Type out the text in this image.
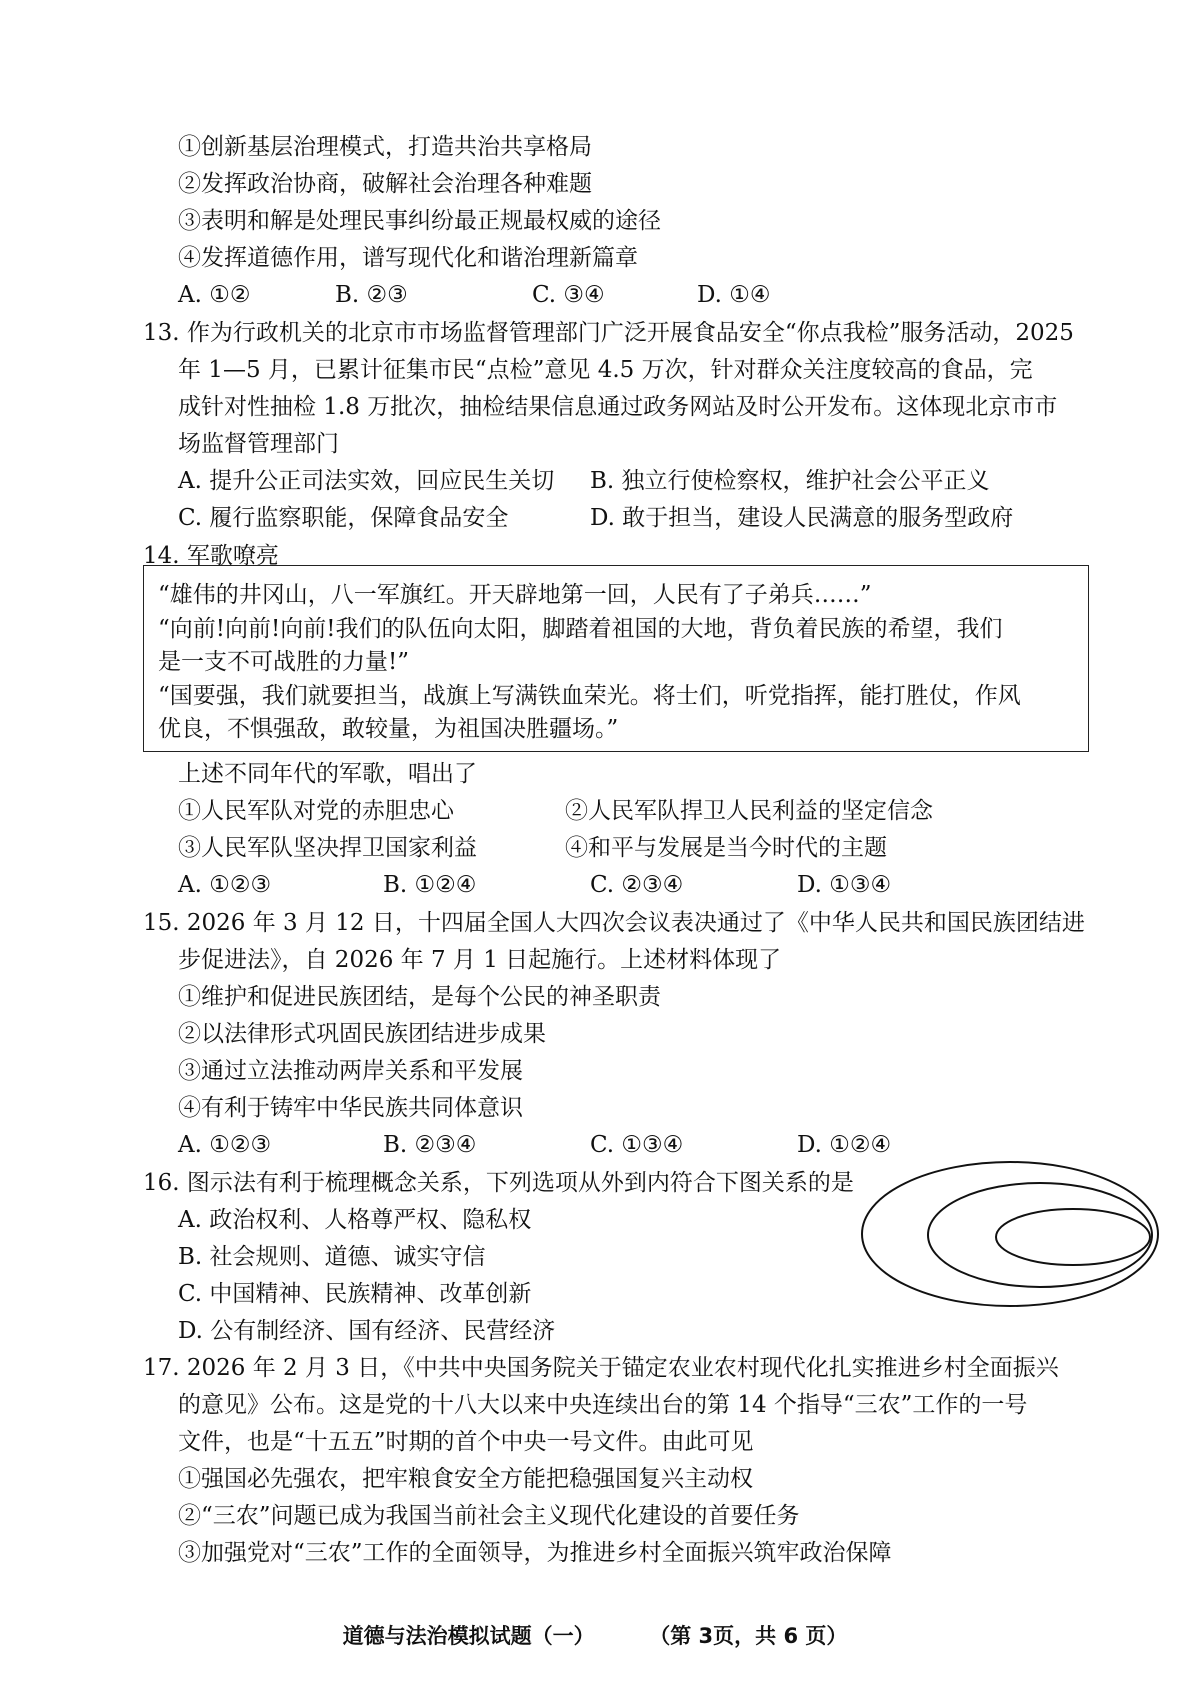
①创新基层治理模式，打造共治共享格局
②发挥政治协商，破解社会治理各种难题
③表明和解是处理民事纠纷最正规最权威的途径
④发挥道德作用，谱写现代化和谐治理新篇章
A. ①②	B. ②③	C. ③④	D. ①④
13. 作为行政机关的北京市市场监督管理部门广泛开展食品安全“你点我检”服务活动，2025
年 1—5 月，已累计征集市民“点检”意见 4.5 万次，针对群众关注度较高的食品，完
成针对性抽检 1.8 万批次，抽检结果信息通过政务网站及时公开发布。这体现北京市市
场监督管理部门
A. 提升公正司法实效，回应民生关切 B. 独立行使检察权，维护社会公平正义
C. 履行监察职能，保障食品安全	D. 敢于担当，建设人民满意的服务型政府
14. 军歌嘹亮
“雄伟的井冈山，八一军旗红。开天辟地第一回，人民有了子弟兵……”
“向前!向前!向前!我们的队伍向太阳，脚踏着祖国的大地，背负着民族的希望，我们
是一支不可战胜的力量!”
“国要强，我们就要担当，战旗上写满铁血荣光。将士们，听党指挥，能打胜仗，作风
优良，不惧强敌，敢较量，为祖国决胜疆场。”
上述不同年代的军歌，唱出了
①人民军队对党的赤胆忠心	②人民军队捍卫人民利益的坚定信念
③人民军队坚决捍卫国家利益	④和平与发展是当今时代的主题
A. ①②③	B. ①②④	C. ②③④	D. ①③④
15. 2026 年 3 月 12 日，十四届全国人大四次会议表决通过了《中华人民共和国民族团结进
步促进法》，自 2026 年 7 月 1 日起施行。上述材料体现了
①维护和促进民族团结，是每个公民的神圣职责
②以法律形式巩固民族团结进步成果
③通过立法推动两岸关系和平发展
④有利于铸牢中华民族共同体意识
A. ①②③	B. ②③④	C. ①③④	D. ①②④
16. 图示法有利于梳理概念关系，下列选项从外到内符合下图关系的是
A. 政治权利、人格尊严权、隐私权
B. 社会规则、道德、诚实守信
C. 中国精神、民族精神、改革创新
D. 公有制经济、国有经济、民营经济
17. 2026 年 2 月 3 日，《中共中央国务院关于锚定农业农村现代化扎实推进乡村全面振兴
的意见》公布。这是党的十八大以来中央连续出台的第 14 个指导“三农”工作的一号
文件，也是“十五五”时期的首个中央一号文件。由此可见
①强国必先强农，把牢粮食安全方能把稳强国复兴主动权
②“三农”问题已成为我国当前社会主义现代化建设的首要任务
③加强党对“三农”工作的全面领导，为推进乡村全面振兴筑牢政治保障
道德与法治模拟试题（一）	（第 3页，共 6 页）
